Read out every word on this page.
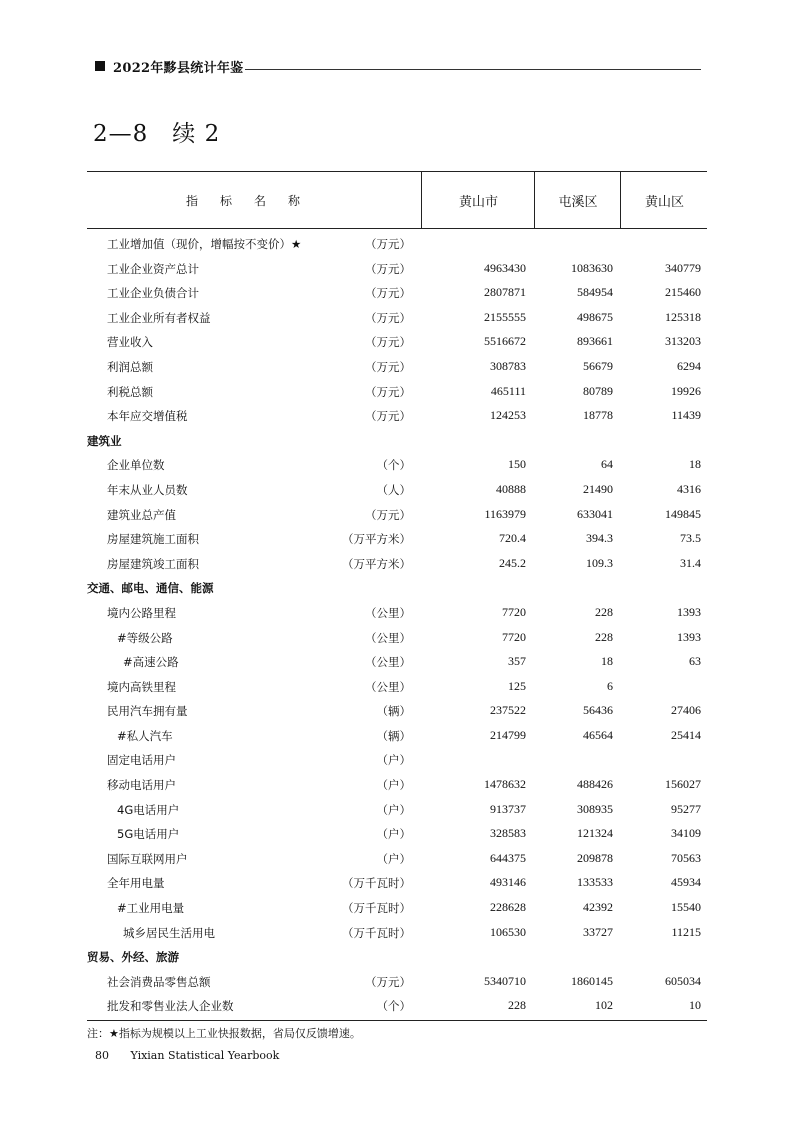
2022年黟县统计年鉴
2—8　续 2
指标名称	黄山市	屯溪区	黄山区
工业增加值（现价，增幅按不变价）★	（万元）
工业企业资产总计	（万元）	4963430	1083630	340779
工业企业负债合计	（万元）	2807871	584954	215460
工业企业所有者权益	（万元）	2155555	498675	125318
营业收入	（万元）	5516672	893661	313203
利润总额	（万元）	308783	56679	6294
利税总额	（万元）	465111	80789	19926
本年应交增值税	（万元）	124253	18778	11439
建筑业
企业单位数	（个）	150	64	18
年末从业人员数	（人）	40888	21490	4316
建筑业总产值	（万元）	1163979	633041	149845
房屋建筑施工面积	（万平方米）	720.4	394.3	73.5
房屋建筑竣工面积	（万平方米）	245.2	109.3	31.4
交通、邮电、通信、能源
境内公路里程	（公里）	7720	228	1393
#等级公路	（公里）	7720	228	1393
#高速公路	（公里）	357	18	63
境内高铁里程	（公里）	125	6
民用汽车拥有量	（辆）	237522	56436	27406
#私人汽车	（辆）	214799	46564	25414
固定电话用户	（户）
移动电话用户	（户）	1478632	488426	156027
4G电话用户	（户）	913737	308935	95277
5G电话用户	（户）	328583	121324	34109
国际互联网用户	（户）	644375	209878	70563
全年用电量	（万千瓦时）	493146	133533	45934
#工业用电量	（万千瓦时）	228628	42392	15540
城乡居民生活用电	（万千瓦时）	106530	33727	11215
贸易、外经、旅游
社会消费品零售总额	（万元）	5340710	1860145	605034
批发和零售业法人企业数	（个）	228	102	10
注：★指标为规模以上工业快报数据，省局仅反馈增速。
80 Yixian Statistical Yearbook
